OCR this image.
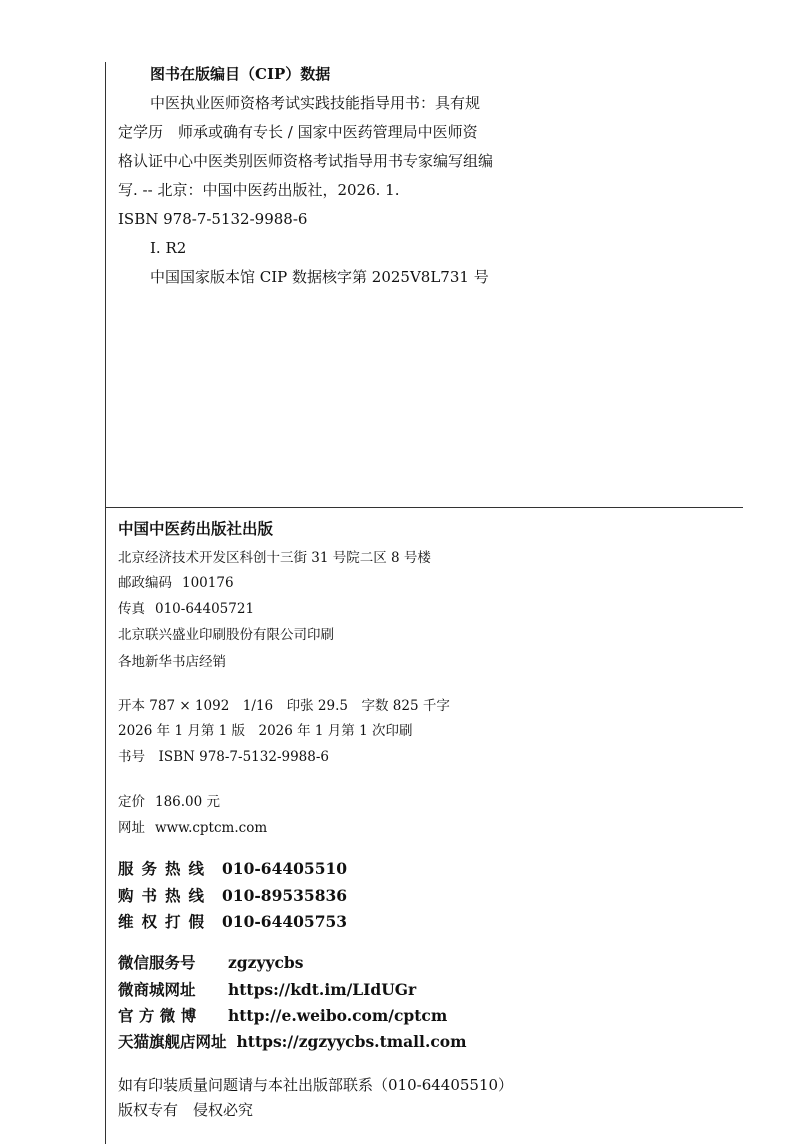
图书在版编目（CIP）数据
中医执业医师资格考试实践技能指导用书：具有规
定学历　师承或确有专长 / 国家中医药管理局中医师资
格认证中心中医类别医师资格考试指导用书专家编写组编
写. -- 北京：中国中医药出版社，2026. 1.
ISBN 978-7-5132-9988-6
Ⅰ. R2
中国国家版本馆 CIP 数据核字第 2025V8L731 号
中国中医药出版社出版
北京经济技术开发区科创十三街 31 号院二区 8 号楼
邮政编码 100176
传真 010-64405721
北京联兴盛业印刷股份有限公司印刷
各地新华书店经销
开本 787 × 1092　1/16　印张 29.5　字数 825 千字
2026 年 1 月第 1 版　2026 年 1 月第 1 次印刷
书号　ISBN 978-7-5132-9988-6
定价 186.00 元
网址 www.cptcm.com
服务热线 010-64405510
购书热线 010-89535836
维权打假 010-64405753
微信服务号 zgzyycbs
微商城网址 https://kdt.im/LIdUGr
官 方 微 博 http://e.weibo.com/cptcm
天猫旗舰店网址 https://zgzyycbs.tmall.com
如有印装质量问题请与本社出版部联系（010-64405510）
版权专有　侵权必究
